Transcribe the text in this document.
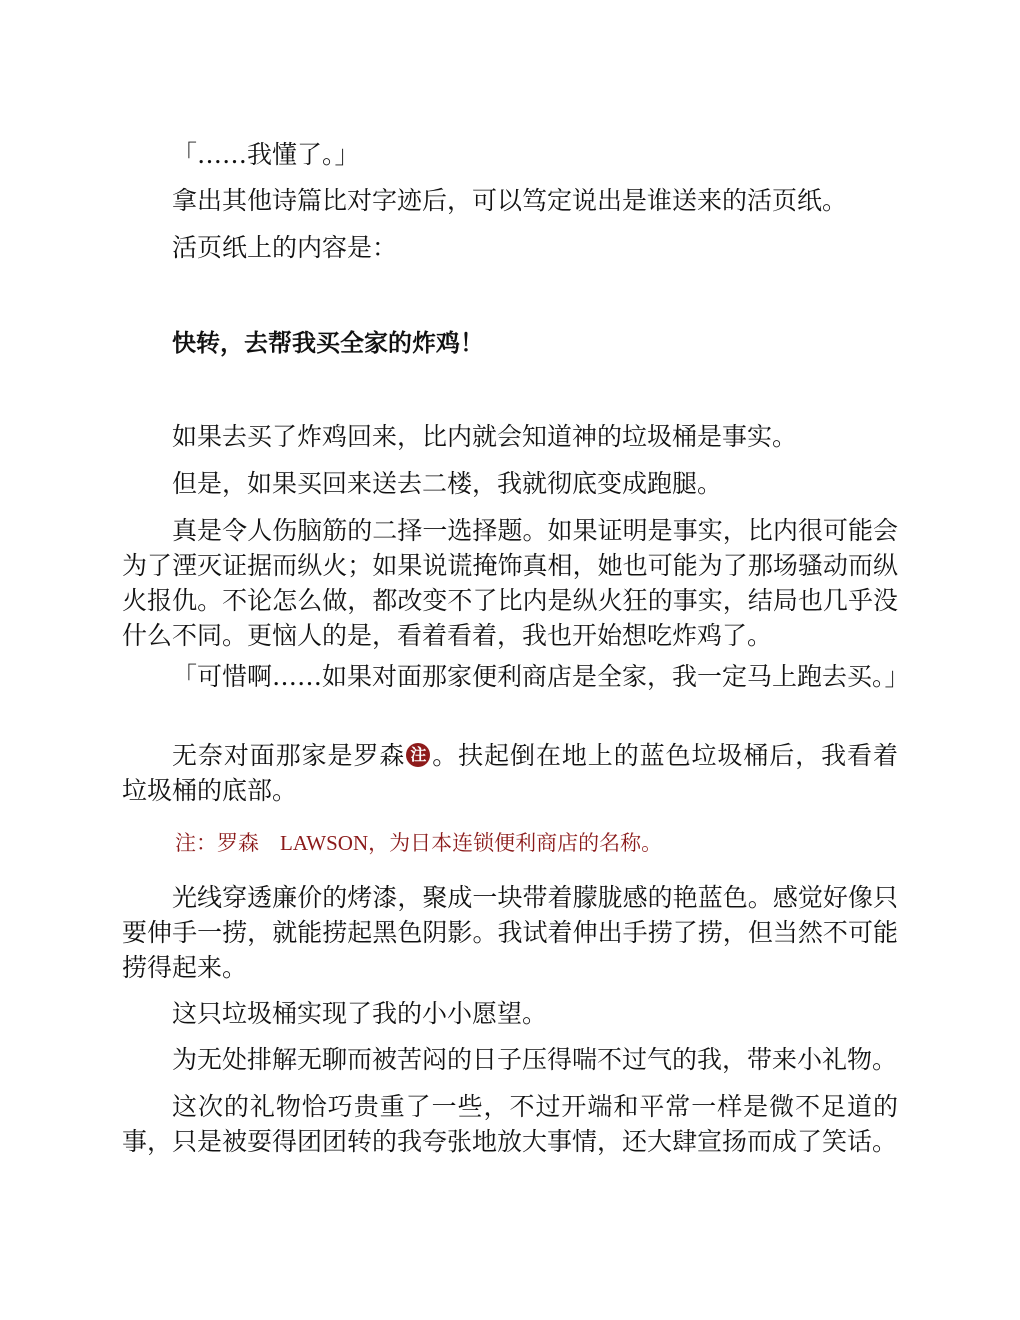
「……我懂了。」

拿出其他诗篇比对字迹后，可以笃定说出是谁送来的活页纸。

活页纸上的内容是：

快转，去帮我买全家的炸鸡！

如果去买了炸鸡回来，比内就会知道神的垃圾桶是事实。

但是，如果买回来送去二楼，我就彻底变成跑腿。

真是令人伤脑筋的二择一选择题。如果证明是事实，比内很可能会为了湮灭证据而纵火；如果说谎掩饰真相，她也可能为了那场骚动而纵火报仇。不论怎么做，都改变不了比内是纵火狂的事实，结局也几乎没什么不同。更恼人的是，看着看着，我也开始想吃炸鸡了。

「可惜啊……如果对面那家便利商店是全家，我一定马上跑去买。」

无奈对面那家是罗森 注 。扶起倒在地上的蓝色垃圾桶后，我看着垃圾桶的底部。

注：罗森　LAWSON，为日本连锁便利商店的名称。

光线穿透廉价的烤漆，聚成一块带着朦胧感的艳蓝色。感觉好像只要伸手一捞，就能捞起黑色阴影。我试着伸出手捞了捞，但当然不可能捞得起来。

这只垃圾桶实现了我的小小愿望。

为无处排解无聊而被苦闷的日子压得喘不过气的我，带来小礼物。

这次的礼物恰巧贵重了一些，不过开端和平常一样是微不足道的事，只是被耍得团团转的我夸张地放大事情，还大肆宣扬而成了笑话。
